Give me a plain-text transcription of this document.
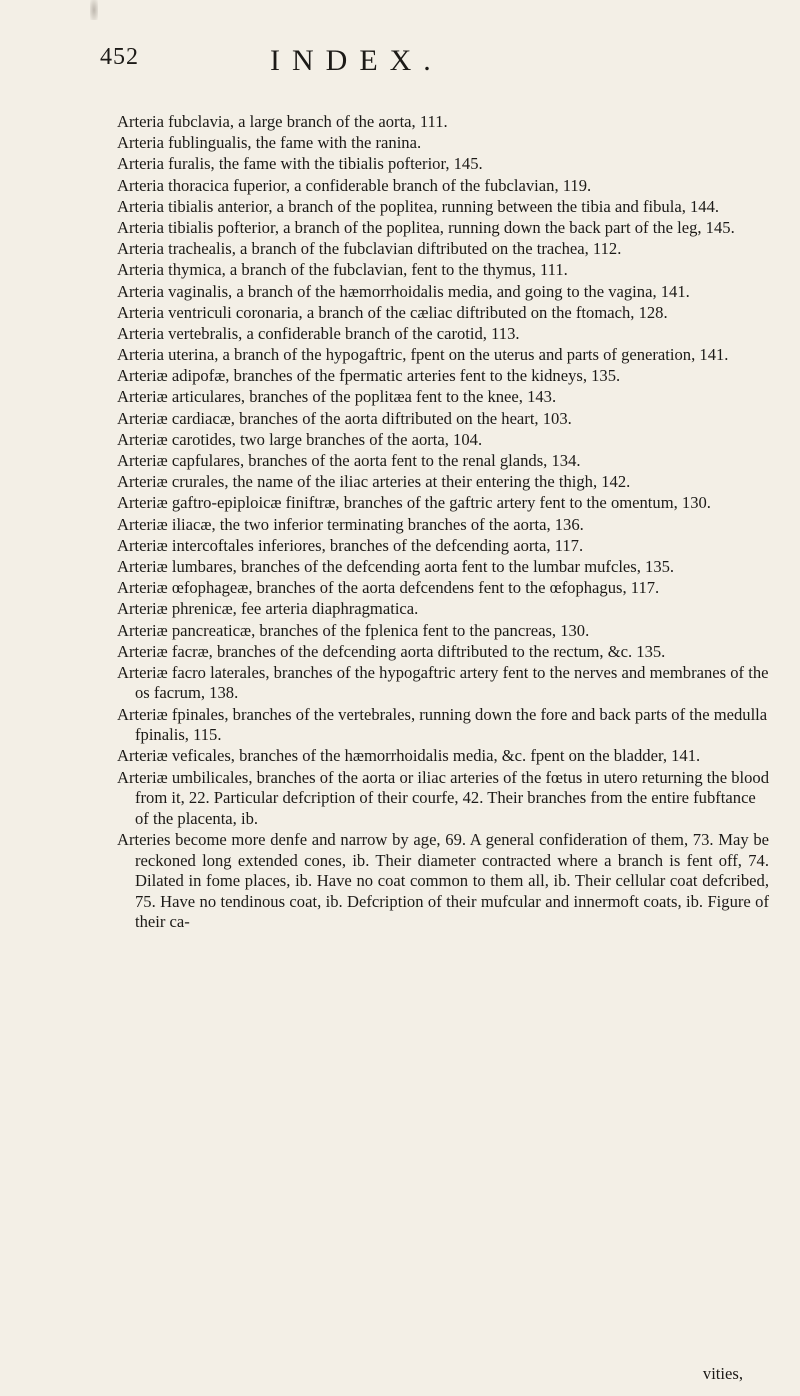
452	INDEX.

Arteria fubclavia, a large branch of the aorta, 111.

Arteria fublingualis, the fame with the ranina.

Arteria furalis, the fame with the tibialis pofterior, 145.

Arteria thoracica fuperior, a confiderable branch of the fubclavian, 119.

Arteria tibialis anterior, a branch of the poplitea, running between the tibia and fibula, 144.

Arteria tibialis pofterior, a branch of the poplitea, running down the back part of the leg, 145.

Arteria trachealis, a branch of the fubclavian diftributed on the trachea, 112.

Arteria thymica, a branch of the fubclavian, fent to the thymus, 111.

Arteria vaginalis, a branch of the hæmorrhoidalis media, and going to the vagina, 141.

Arteria ventriculi coronaria, a branch of the cæliac diftributed on the ftomach, 128.

Arteria vertebralis, a confiderable branch of the carotid, 113.

Arteria uterina, a branch of the hypogaftric, fpent on the uterus and parts of generation, 141.

Arteriæ adipofæ, branches of the fpermatic arteries fent to the kidneys, 135.

Arteriæ articulares, branches of the poplitæa fent to the knee, 143.

Arteriæ cardiacæ, branches of the aorta diftributed on the heart, 103.

Arteriæ carotides, two large branches of the aorta, 104.

Arteriæ capfulares, branches of the aorta fent to the renal glands, 134.

Arteriæ crurales, the name of the iliac arteries at their entering the thigh, 142.

Arteriæ gaftro-epiploicæ finiftræ, branches of the gaftric artery fent to the omentum, 130.

Arteriæ iliacæ, the two inferior terminating branches of the aorta, 136.

Arteriæ intercoftales inferiores, branches of the defcending aorta, 117.

Arteriæ lumbares, branches of the defcending aorta fent to the lumbar mufcles, 135.

Arteriæ œfophageæ, branches of the aorta defcendens fent to the œfophagus, 117.

Arteriæ phrenicæ, fee arteria diaphragmatica.

Arteriæ pancreaticæ, branches of the fplenica fent to the pancreas, 130.

Arteriæ facræ, branches of the defcending aorta diftributed to the rectum, &c. 135.

Arteriæ facro laterales, branches of the hypogaftric artery fent to the nerves and membranes of the os facrum, 138.

Arteriæ fpinales, branches of the vertebrales, running down the fore and back parts of the medulla fpinalis, 115.

Arteriæ veficales, branches of the hæmorrhoidalis media, &c. fpent on the bladder, 141.

Arteriæ umbilicales, branches of the aorta or iliac arteries of the fœtus in utero returning the blood from it, 22. Particular defcription of their courfe, 42. Their branches from the entire fubftance of the placenta, ib.

Arteries become more denfe and narrow by age, 69. A general confideration of them, 73. May be reckoned long extended cones, ib. Their diameter contracted where a branch is fent off, 74. Dilated in fome places, ib. Have no coat common to them all, ib. Their cellular coat defcribed, 75. Have no tendinous coat, ib. Defcription of their mufcular and innermoft coats, ib. Figure of their ca-

vities,
